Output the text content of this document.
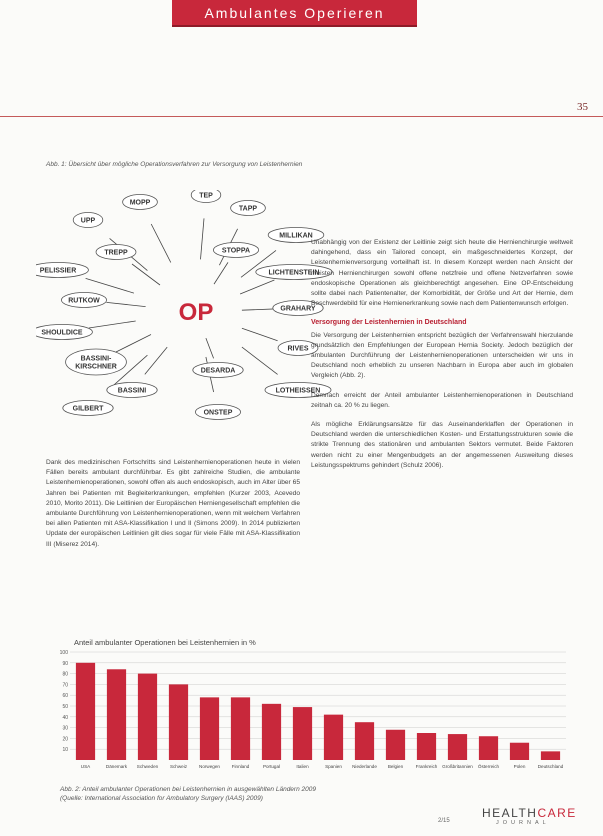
Ambulantes Operieren
35
Abb. 1: Übersicht über mögliche Operationsverfahren zur Versorgung von Leistenhernien
MOPP
TEP
TAPP
UPP
TREPP	STOPPA
MILLIKAN
PELISSIER	LICHTENSTEIN
RUTKOW
GRAHARY
SHOULDICE
RIVES
BASSINI-
KIRSCHNER
DESARDA
BASSINI	LOTHEISSEN
GILBERT
ONSTEP
OP

Unabhängig von der Existenz der Leitlinie zeigt sich heute die Hernienchirurgie weltweit dahingehend, dass ein Tailored concept, ein maßgeschneidertes Konzept, der Leistenhernienversorgung vorteilhaft ist. In diesem Konzept werden nach Ansicht der meisten Hernienchirurgen sowohl offene netzfreie und offene Netzverfahren sowie endoskopische Operationen als gleichberechtigt angesehen. Eine OP-Entscheidung sollte dabei nach Patientenalter, der Komorbidität, der Größe und Art der Hernie, dem Beschwerdebild für eine Hernienerkrankung sowie nach dem Patientenwunsch erfolgen.

Versorgung der Leistenhernien in Deutschland

Die Versorgung der Leistenhernien entspricht bezüglich der Verfahrenswahl hierzulande grundsätzlich den Empfehlungen der European Hernia Society. Jedoch bezüglich der ambulanten Durchführung der Leistenhernienoperationen unterscheiden wir uns in Deutschland noch erheblich zu unseren Nachbarn in Europa aber auch im globalen Vergleich (Abb. 2).

Demnach erreicht der Anteil ambulanter Leistenhernienoperationen in Deutschland zeitnah ca. 20 % zu liegen.

Als mögliche Erklärungsansätze für das Auseinanderklaffen der Operationen in Deutschland werden die unterschiedlichen Kosten- und Erstattungsstrukturen sowie die strikte Trennung des stationären und ambulanten Sektors vermutet. Beide Faktoren werden nicht zu einer Mengenbudgets an der angemessenen Ausweitung dieses Leistungsspektrums gehindert (Schulz 2006).

Dank des medizinischen Fortschritts sind Leistenhernienoperationen heute in vielen Fällen bereits ambulant durchführbar. Es gibt zahlreiche Studien, die ambulante Leistenhernienoperationen, sowohl offen als auch endoskopisch, auch im Alter über 65 Jahren bei Patienten mit Begleiterkrankungen, empfehlen (Kurzer 2003, Acevedo 2010, Morito 2011). Die Leitlinien der Europäischen Herniengesellschaft empfehlen die ambulante Durchführung von Leistenhernienoperationen, wenn mit welchem Verfahren bei allen Patienten mit ASA-Klassifikation I und II (Simons 2009). In 2014 publizierten Update der europäischen Leitlinien gilt dies sogar für viele Fälle mit ASA-Klassifikation III (Miserez 2014).

Anteil ambulanter Operationen bei Leistenhernien in %
10
20
30
40
50
60
70
80
90
100
USA	Dänemark Schweden	Schweiz	Norwegen	Finnland	Portugal	Italien	Spanien Niederlande Belgien	Frankreich Großbritannien Österreich	Polen	Deutschland
Abb. 2: Anteil ambulanter Operationen bei Leistenhernien in ausgewählten Ländern 2009
(Quelle: International Association for Ambulatory Surgery (IAAS) 2009)
2/15
HEALTHCARE
JOURNAL
